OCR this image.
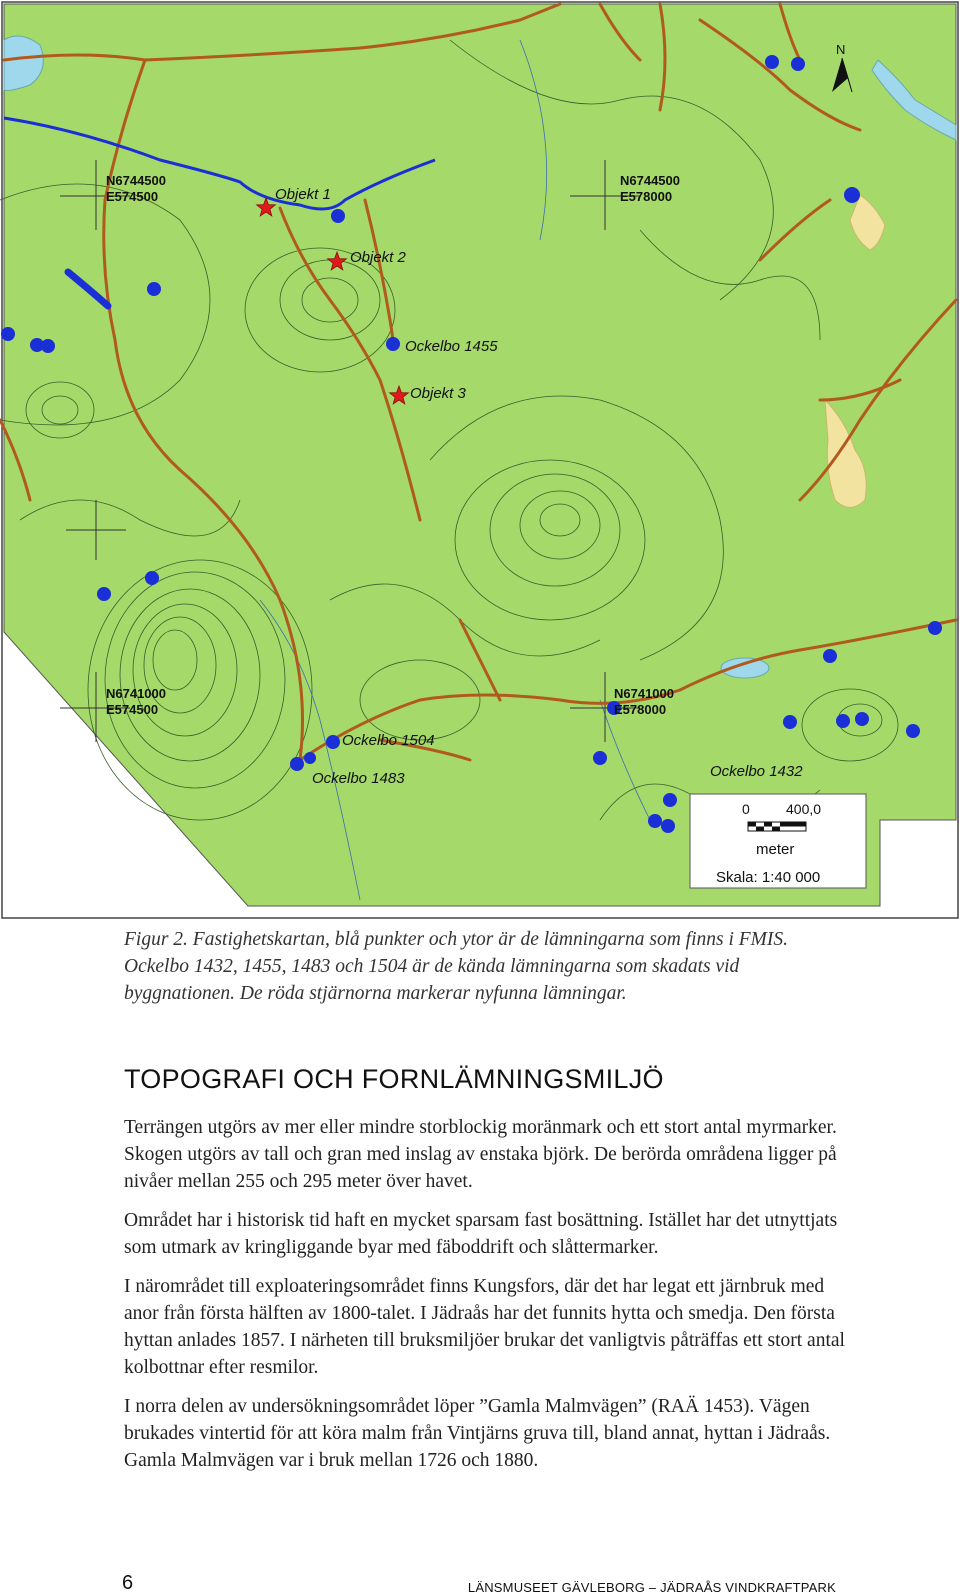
N6744500
E574500
N6744500
E578000
N6741000
E574500
N6741000
E578000
Objekt 1
Objekt 2
Objekt 3
Ockelbo 1455
Ockelbo 1504
Ockelbo 1483	Ockelbo 1432
N
0	400,0
meter
Skala: 1:40 000
Figur 2. Fastighetskartan, blå punkter och ytor är de lämningarna som finns i FMIS. Ockelbo 1432, 1455, 1483 och 1504 är de kända lämningarna som skadats vid byggnationen. De röda stjärnorna markerar nyfunna lämningar.
TOPOGRAFI OCH FORNLÄMNINGSMILJÖ

Terrängen utgörs av mer eller mindre storblockig moränmark och ett stort antal myrmarker. Skogen utgörs av tall och gran med inslag av enstaka björk. De berörda områdena ligger på nivåer mellan 255 och 295 meter över havet.

Området har i historisk tid haft en mycket sparsam fast bosättning. Istället har det utnyttjats som utmark av kringliggande byar med fäboddrift och slåttermarker.

I närområdet till exploateringsområdet finns Kungsfors, där det har legat ett järnbruk med anor från första hälften av 1800-talet. I Jädraås har det funnits hytta och smedja. Den första hyttan anlades 1857. I närheten till bruksmiljöer brukar det vanligtvis påträffas ett stort antal kolbottnar efter resmilor.

I norra delen av undersökningsområdet löper ”Gamla Malmvägen” (RAÄ 1453). Vägen brukades vintertid för att köra malm från Vintjärns gruva till, bland annat, hyttan i Jädraås. Gamla Malmvägen var i bruk mellan 1726 och 1880.

6	LÄNSMUSEET GÄVLEBORG – JÄDRAÅS VINDKRAFTPARK
